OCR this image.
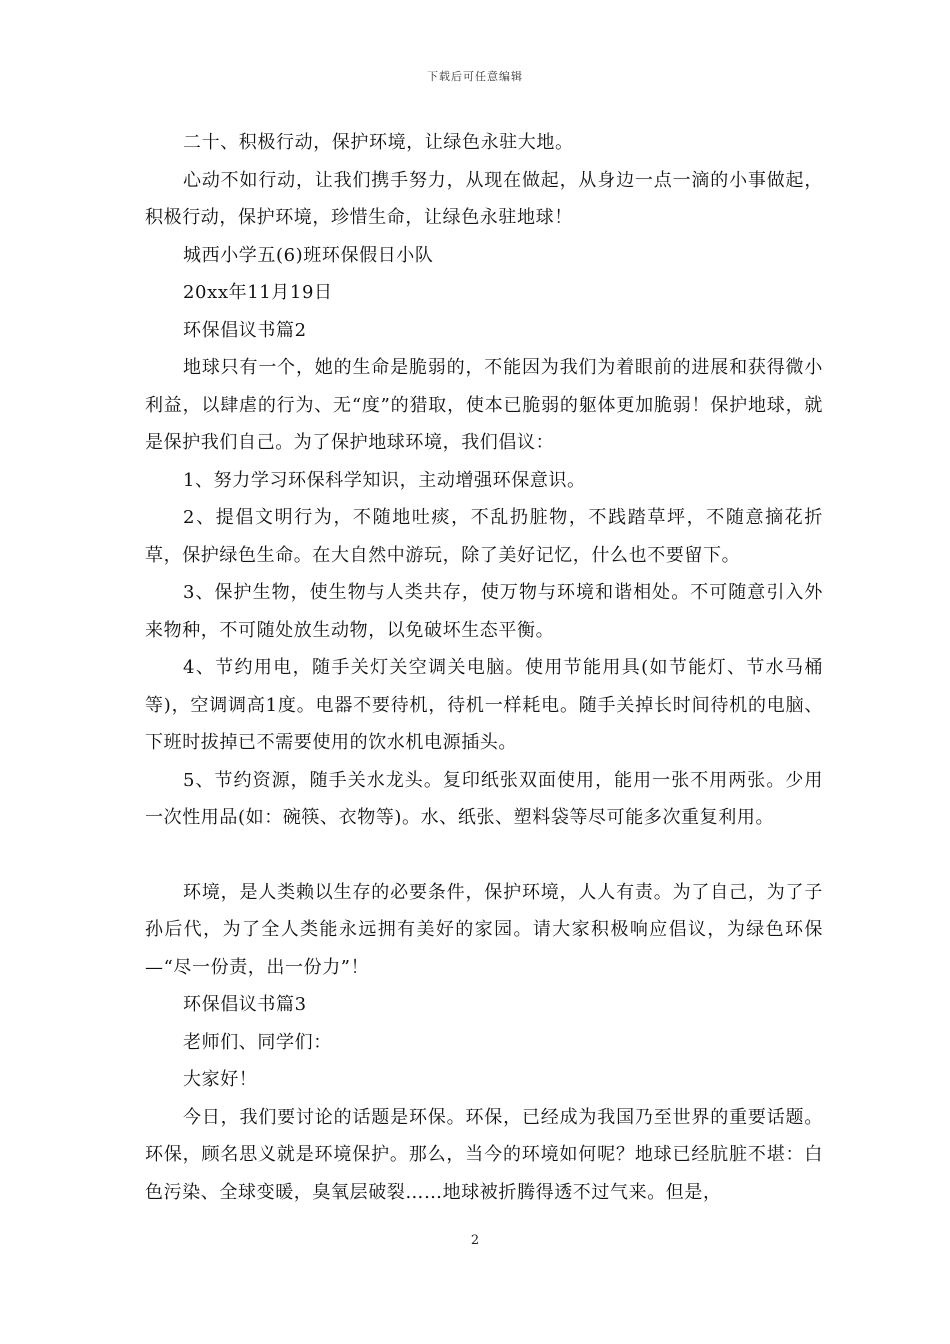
下载后可任意编辑

二十、积极行动，保护环境，让绿色永驻大地。

心动不如行动，让我们携手努力，从现在做起，从身边一点一滴的小事做起，积极行动，保护环境，珍惜生命，让绿色永驻地球！

城西小学五(6)班环保假日小队

20xx年11月19日

环保倡议书篇2

地球只有一个，她的生命是脆弱的，不能因为我们为着眼前的进展和获得微小利益，以肆虐的行为、无“度”的猎取，使本已脆弱的躯体更加脆弱！保护地球，就是保护我们自己。为了保护地球环境，我们倡议：

1、努力学习环保科学知识，主动增强环保意识。

2、提倡文明行为，不随地吐痰，不乱扔脏物，不践踏草坪，不随意摘花折草，保护绿色生命。在大自然中游玩，除了美好记忆，什么也不要留下。

3、保护生物，使生物与人类共存，使万物与环境和谐相处。不可随意引入外来物种，不可随处放生动物，以免破坏生态平衡。

4、节约用电，随手关灯关空调关电脑。使用节能用具(如节能灯、节水马桶等)，空调调高1度。电器不要待机，待机一样耗电。随手关掉长时间待机的电脑、下班时拔掉已不需要使用的饮水机电源插头。

5、节约资源，随手关水龙头。复印纸张双面使用，能用一张不用两张。少用一次性用品(如：碗筷、衣物等)。水、纸张、塑料袋等尽可能多次重复利用。

环境，是人类赖以生存的必要条件，保护环境，人人有责。为了自己，为了子孙后代，为了全人类能永远拥有美好的家园。请大家积极响应倡议，为绿色环保—“尽一份责，出一份力”！

环保倡议书篇3

老师们、同学们：

大家好！

今日，我们要讨论的话题是环保。环保，已经成为我国乃至世界的重要话题。环保，顾名思义就是环境保护。那么，当今的环境如何呢？地球已经肮脏不堪：白色污染、全球变暖，臭氧层破裂……地球被折腾得透不过气来。但是，

2
